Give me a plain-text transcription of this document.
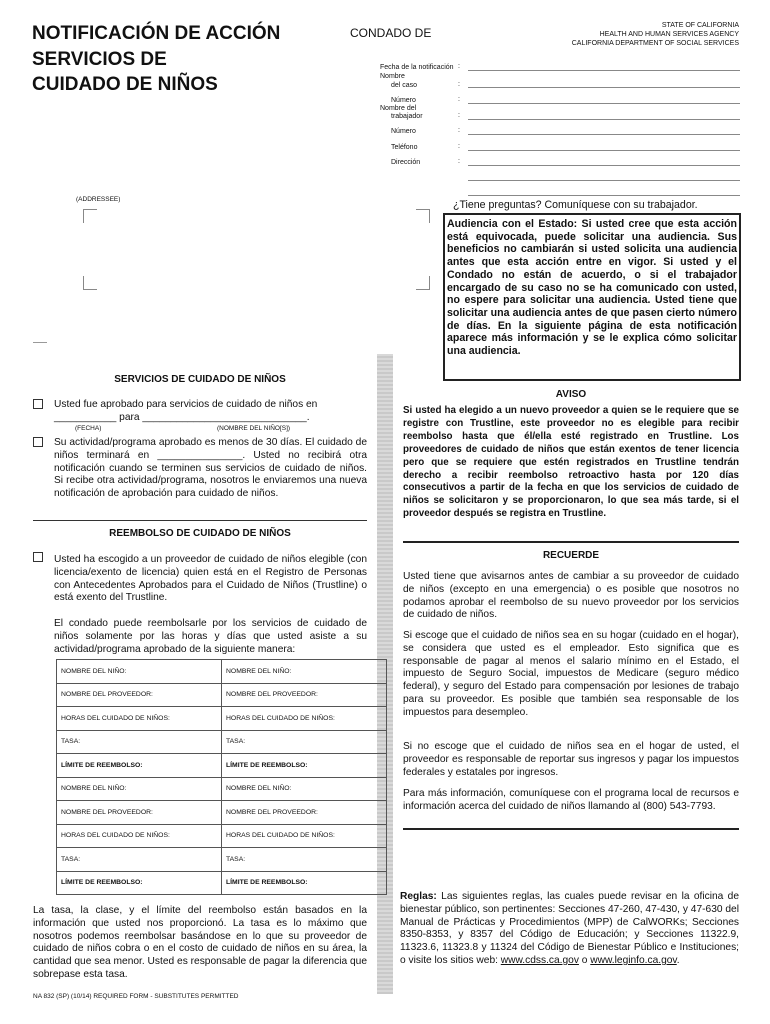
NOTIFICACIÓN DE ACCIÓN
SERVICIOS DE
CUIDADO DE NIÑOS
CONDADO DE
STATE OF CALIFORNIA
HEALTH AND HUMAN SERVICES AGENCY
CALIFORNIA DEPARTMENT OF SOCIAL SERVICES
Fecha de la notificación :
Nombre
del caso	:
Número	:
Nombre del
trabajador	:
Número	:
Teléfono	:
Dirección	:
(ADDRESSEE)	¿Tiene preguntas? Comuníquese con su trabajador.
Audiencia con el Estado: Si usted cree que esta acción está equivocada, puede solicitar una audiencia. Sus beneficios no cambiarán si usted solicita una audiencia antes que esta acción entre en vigor. Si usted y el Condado no están de acuerdo, o si el trabajador encargado de su caso no se ha comunicado con usted, no espere para solicitar una audiencia. Usted tiene que solicitar una audiencia antes de que pasen cierto número de días. En la siguiente página de esta notificación aparece más información y se le explica cómo solicitar una audiencia.
SERVICIOS DE CUIDADO DE NIÑOS
Usted fue aprobado para servicios de cuidado de niños en
___________ para _____________________________.
(FECHA)	(NOMBRE DEL NIÑO[S])
Su actividad/programa aprobado es menos de 30 días. El cuidado de niños terminará en _______________. Usted no recibirá otra notificación cuando se terminen sus servicios de cuidado de niños. Si recibe otra actividad/programa, nosotros le enviaremos una nueva notificación de aprobación para cuidado de niños.
REEMBOLSO DE CUIDADO DE NIÑOS
Usted ha escogido a un proveedor de cuidado de niños elegible (con licencia/exento de licencia) quien está en el Registro de Personas con Antecedentes Aprobados para el Cuidado de Niños (Trustline) o está exento del Trustline.
El condado puede reembolsarle por los servicios de cuidado de niños solamente por las horas y días que usted asiste a su actividad/programa aprobado de la siguiente manera:
NOMBRE DEL NIÑO:	NOMBRE DEL NIÑO:
NOMBRE DEL PROVEEDOR:	NOMBRE DEL PROVEEDOR:
HORAS DEL CUIDADO DE NIÑOS:	HORAS DEL CUIDADO DE NIÑOS:
TASA:	TASA:
LÍMITE DE REEMBOLSO:	LÍMITE DE REEMBOLSO:
NOMBRE DEL NIÑO:	NOMBRE DEL NIÑO:
NOMBRE DEL PROVEEDOR:	NOMBRE DEL PROVEEDOR:
HORAS DEL CUIDADO DE NIÑOS:	HORAS DEL CUIDADO DE NIÑOS:
TASA:	TASA:
LÍMITE DE REEMBOLSO:	LÍMITE DE REEMBOLSO:
La tasa, la clase, y el límite del reembolso están basados en la información que usted nos proporcionó. La tasa es lo máximo que nosotros podemos reembolsar basándose en lo que su proveedor de cuidado de niños cobra o en el costo de cuidado de niños en su área, la cantidad que sea menor. Usted es responsable de pagar la diferencia que sobrepase esta tasa.
NA 832 (SP) (10/14) REQUIRED FORM - SUBSTITUTES PERMITTED
AVISO
Si usted ha elegido a un nuevo proveedor a quien se le requiere que se registre con Trustline, este proveedor no es elegible para recibir reembolso hasta que él/ella esté registrado en Trustline. Los proveedores de cuidado de niños que están exentos de tener licencia pero que se requiere que estén registrados en Trustline tendrán derecho a recibir reembolso retroactivo hasta por 120 días consecutivos a partir de la fecha en que los servicios de cuidado de niños se solicitaron y se proporcionaron, lo que sea más tarde, si el proveedor después se registra en Trustline.
RECUERDE
Usted tiene que avisarnos antes de cambiar a su proveedor de cuidado de niños (excepto en una emergencia) o es posible que nosotros no podamos aprobar el reembolso de su nuevo proveedor por los servicios de cuidado de niños.
Si escoge que el cuidado de niños sea en su hogar (cuidado en el hogar), se considera que usted es el empleador. Esto significa que es responsable de pagar al menos el salario mínimo en el Estado, el impuesto de Seguro Social, impuestos de Medicare (seguro médico federal), y seguro del Estado para compensación por lesiones de trabajo para su proveedor. Es posible que también sea responsable de los impuestos para desempleo.
Si no escoge que el cuidado de niños sea en el hogar de usted, el proveedor es responsable de reportar sus ingresos y pagar los impuestos federales y estatales por ingresos.
Para más información, comuníquese con el programa local de recursos e información acerca del cuidado de niños llamando al (800) 543-7793.
Reglas: Las siguientes reglas, las cuales puede revisar en la oficina de bienestar público, son pertinentes: Secciones 47-260, 47-430, y 47-630 del Manual de Prácticas y Procedimientos (MPP) de CalWORKs; Secciones 8350-8353, y 8357 del Código de Educación; y Secciones 11322.9, 11323.6, 11323.8 y 11324 del Código de Bienestar Público e Instituciones; o visite los sitios web: www.cdss.ca.gov o www.leginfo.ca.gov.
